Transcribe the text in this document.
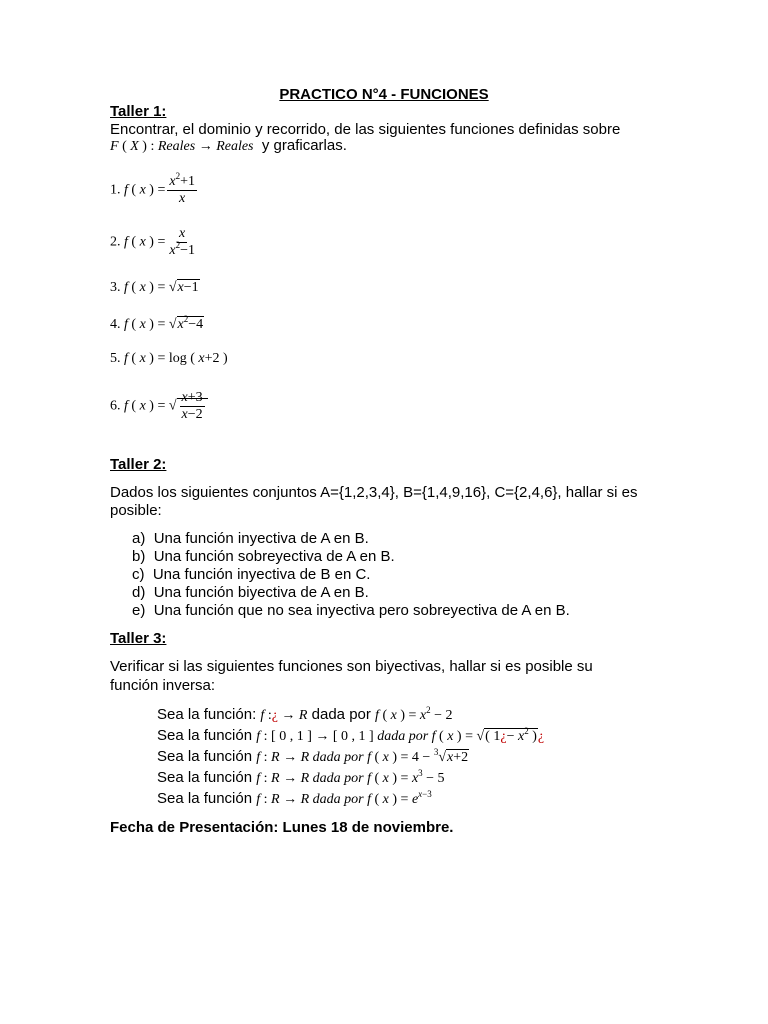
PRACTICO N°4 - FUNCIONES
Taller 1:
Encontrar, el dominio y recorrido, de las siguientes funciones definidas sobre
F ( X ) : Reales → Reales y graficarlas.
1. f ( x ) = $\frac{x^2+1}{x}$
2. f ( x ) = $\frac{x}{x^2-1}$
3. f ( x ) = √x−1
4. f ( x ) = $√x^2-4$
5. f ( x ) = log ( x+2 )
6. f ( x ) = √ $\frac{x+3}{x-2}$
Taller 2:
Dados los siguientes conjuntos A={1,2,3,4}, B={1,4,9,16}, C={2,4,6}, hallar si es
posible:
a) Una función inyectiva de A en B.
b) Una función sobreyectiva de A en B.
c) Una función inyectiva de B en C.
d) Una función biyectiva de A en B.
e) Una función que no sea inyectiva pero sobreyectiva de A en B.
Taller 3:
Verificar si las siguientes funciones son biyectivas, hallar si es posible su
función inversa:
Sea la función: f :¿ → R dada por f ( x ) = $x^2 - 2$
Sea la función f : [ 0 , 1 ] → [ 0 , 1 ] dada por f ( x ) = √( 1¿− $x^2$ )¿
Sea la función f : R → R dada por f ( x ) = 4 − $^3$√x+2
Sea la función f : R → R dada por f ( x ) = $x^3 - 5$
Sea la función f : R → R dada por f ( x ) = $e^{x-3}$
Fecha de Presentación: Lunes 18 de noviembre.
